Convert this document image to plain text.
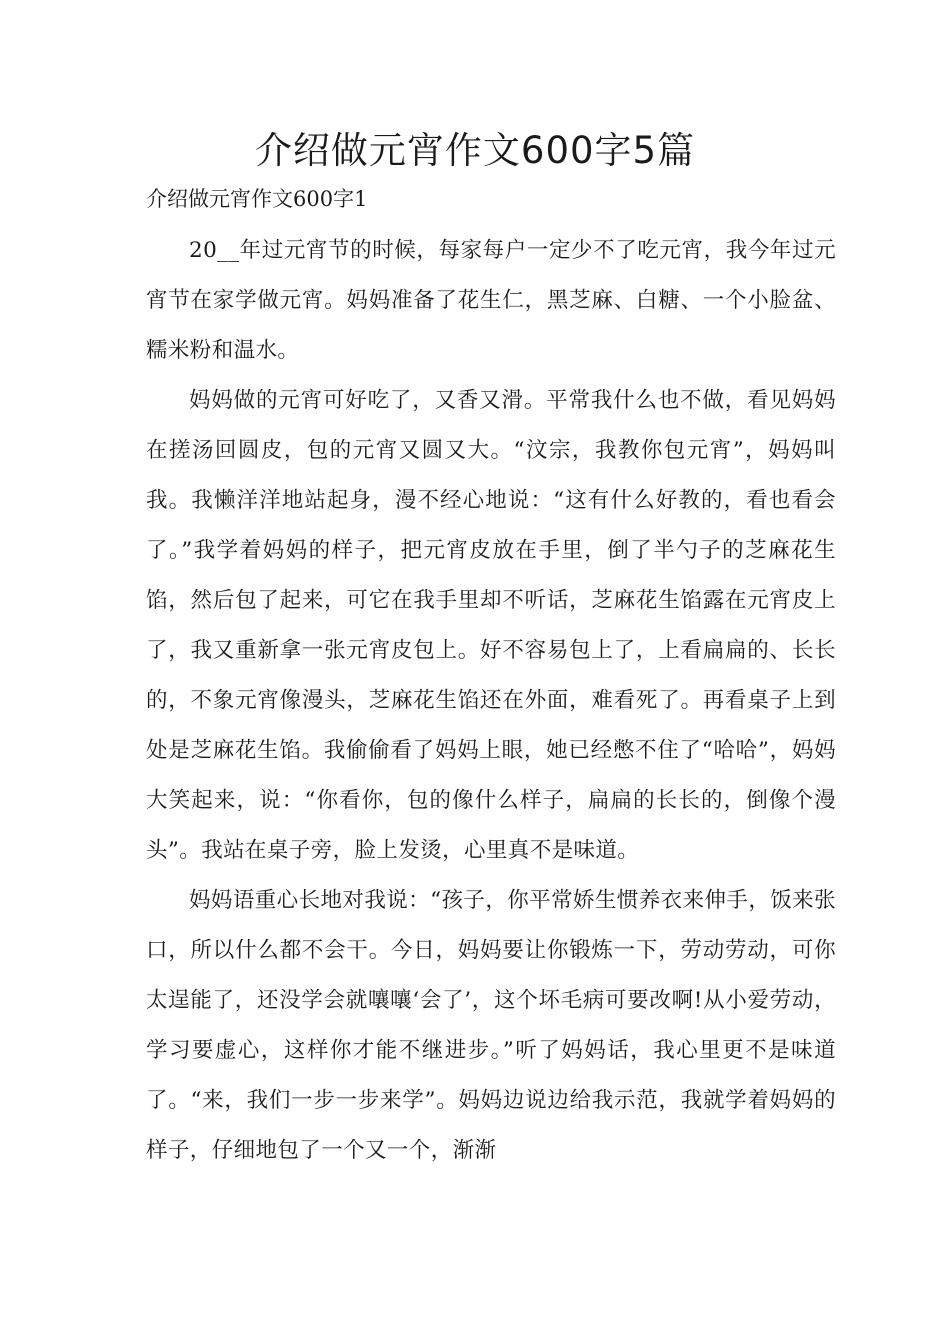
介绍做元宵作文600字5篇

介绍做元宵作文600字1

20__年过元宵节的时候，每家每户一定少不了吃元宵，我今年过元宵节在家学做元宵。妈妈准备了花生仁，黑芝麻、白糖、一个小脸盆、糯米粉和温水。

妈妈做的元宵可好吃了，又香又滑。平常我什么也不做，看见妈妈在搓汤回圆皮，包的元宵又圆又大。“汶宗，我教你包元宵”，妈妈叫我。我懒洋洋地站起身，漫不经心地说：“这有什么好教的，看也看会了。”我学着妈妈的样子，把元宵皮放在手里，倒了半勺子的芝麻花生馅，然后包了起来，可它在我手里却不听话，芝麻花生馅露在元宵皮上了，我又重新拿一张元宵皮包上。好不容易包上了，上看扁扁的、长长的，不象元宵像漫头，芝麻花生馅还在外面，难看死了。再看桌子上到处是芝麻花生馅。我偷偷看了妈妈上眼，她已经憋不住了“哈哈”，妈妈大笑起来，说：“你看你，包的像什么样子，扁扁的长长的，倒像个漫头”。我站在桌子旁，脸上发烫，心里真不是味道。

妈妈语重心长地对我说：“孩子，你平常娇生惯养衣来伸手，饭来张口，所以什么都不会干。今日，妈妈要让你锻炼一下，劳动劳动，可你太逞能了，还没学会就嚷嚷‘会了’，这个坏毛病可要改啊!从小爱劳动，学习要虚心，这样你才能不继进步。”听了妈妈话，我心里更不是味道了。“来，我们一步一步来学”。妈妈边说边给我示范，我就学着妈妈的样子，仔细地包了一个又一个，渐渐
